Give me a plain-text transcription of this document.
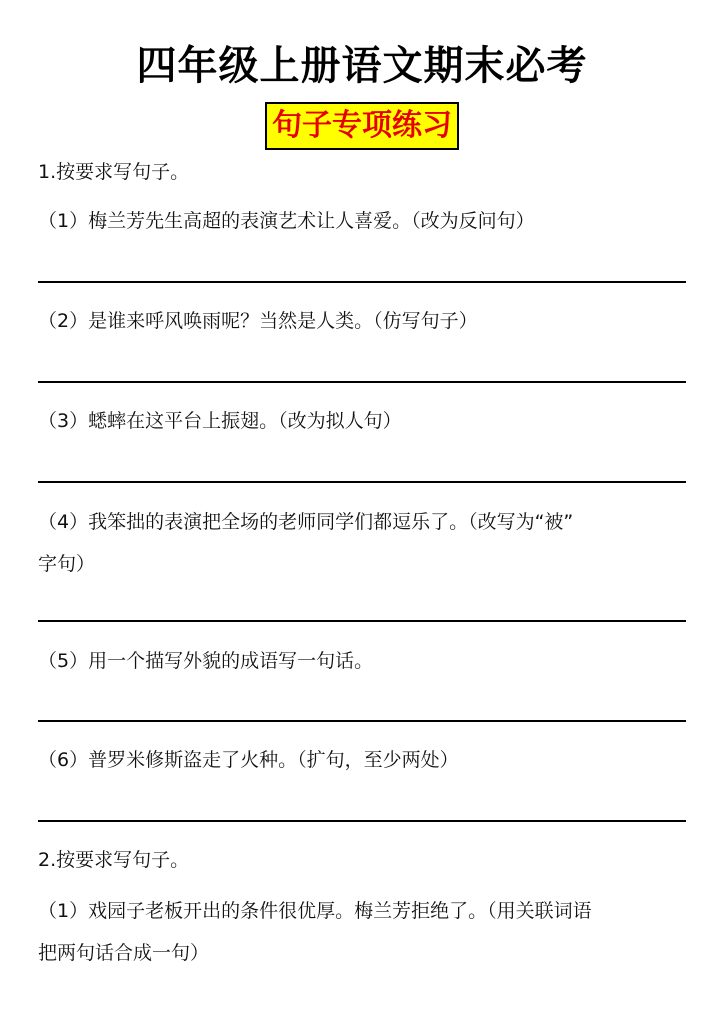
四年级上册语文期末必考
句子专项练习

1.按要求写句子。

（1）梅兰芳先生高超的表演艺术让人喜爱。（改为反问句）

（2）是谁来呼风唤雨呢？当然是人类。（仿写句子）

（3）蟋蟀在这平台上振翅。（改为拟人句）

（4）我笨拙的表演把全场的老师同学们都逗乐了。（改写为“被”

字句）

（5）用一个描写外貌的成语写一句话。

（6）普罗米修斯盗走了火种。（扩句，至少两处）

2.按要求写句子。

（1）戏园子老板开出的条件很优厚。梅兰芳拒绝了。（用关联词语

把两句话合成一句）
